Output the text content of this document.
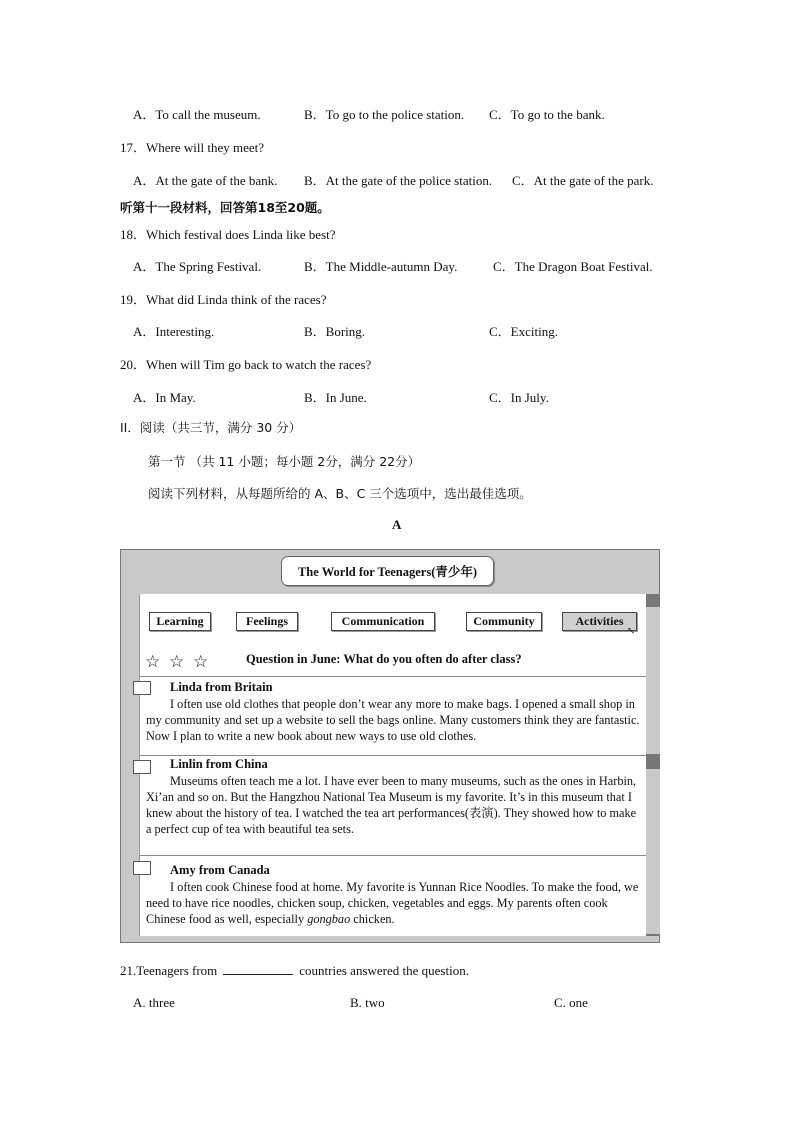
A．To call the museum.	B．To go to the police station. C．To go to the bank.
17．Where will they meet?
A．At the gate of the bank. B．At the gate of the police station. C．At the gate of the park.
听第十一段材料，回答第18至20题。
18．Which festival does Linda like best?
A．The Spring Festival.	B．The Middle-autumn Day.	C．The Dragon Boat Festival.
19．What did Linda think of the races?
A．Interesting.	B．Boring.	C．Exciting.
20．When will Tim go back to watch the races?
A．In May.	B．In June.	C．In July.
II．阅读（共三节，满分 30 分）
第一节 （共 11 小题；每小题 2分，满分 22分）
阅读下列材料，从每题所给的 A、B、C 三个选项中，选出最佳选项。
A
The World for Teenagers(青少年)
Learning	Feelings	Communication	Community	Activities
↖
☆ ☆ ☆	Question in June: What do you often do after class?
Linda from Britain
I often use old clothes that people don’t wear any more to make bags. I opened a small shop in my community and set up a website to sell the bags online. Many customers think they are fantastic. Now I plan to write a new book about new ways to use old clothes.
Linlin from China
Museums often teach me a lot. I have ever been to many museums, such as the ones in Harbin, Xi’an and so on. But the Hangzhou National Tea Museum is my favorite. It’s in this museum that I knew about the history of tea. I watched the tea art performances(表演). They showed how to make a perfect cup of tea with beautiful tea sets.
Amy from Canada
I often cook Chinese food at home. My favorite is Yunnan Rice Noodles. To make the food, we need to have rice noodles, chicken soup, chicken, vegetables and eggs. My parents often cook Chinese food as well, especially gongbao chicken.
21.Teenagers from	countries answered the question.
A. three	B. two	C. one
